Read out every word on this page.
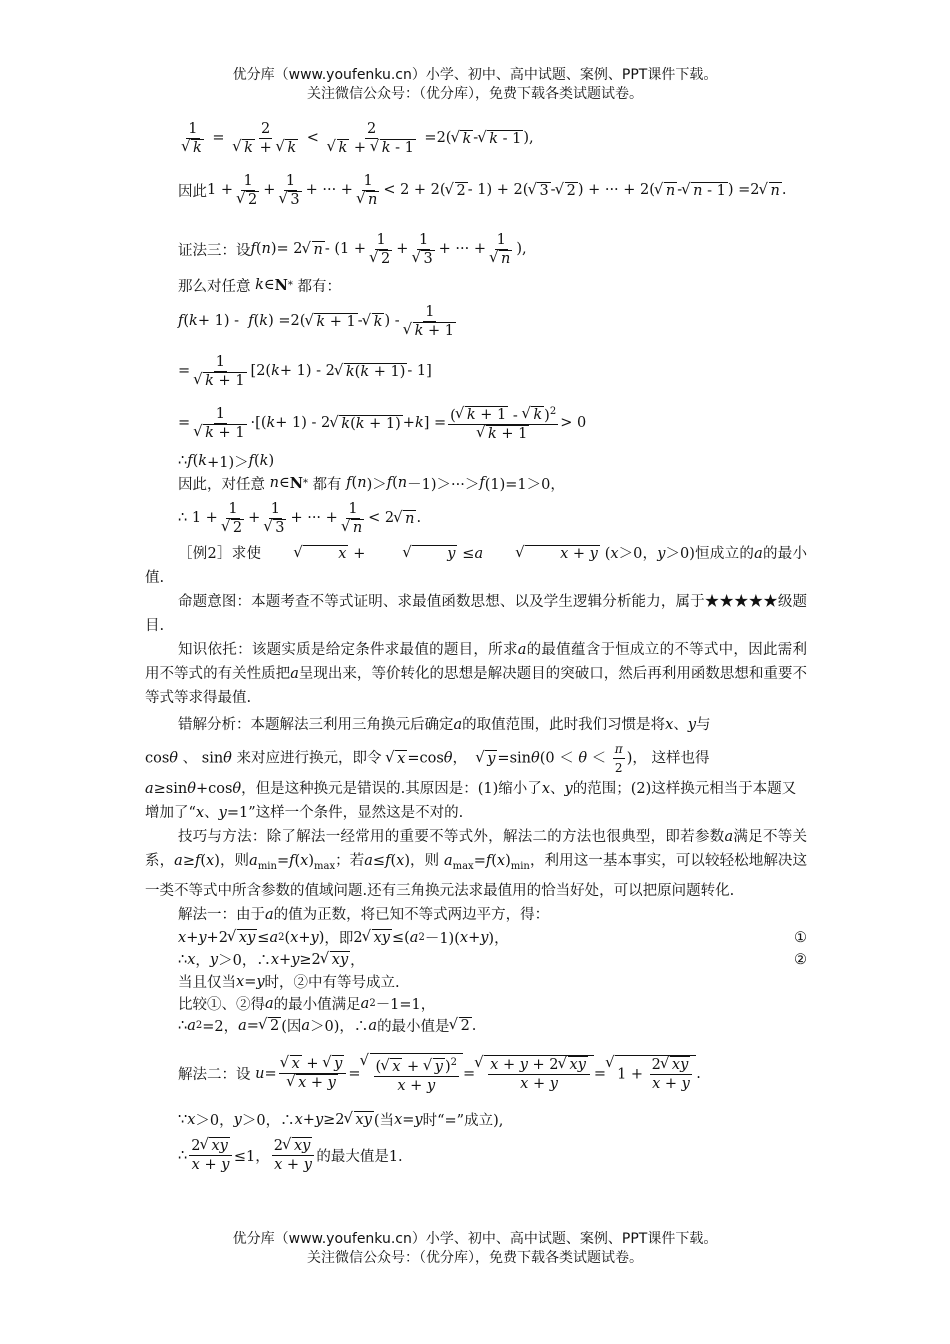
优分库（www.youfenku.cn）小学、初中、高中试题、案例、PPT课件下载。
关注微信公众号：（优分库），免费下载各类试题试卷。
1
√ k = 2
√ k + √ k < 2
√ k + √ k - 1 =2( √ k - √ k - 1 ),
因此 1 + 1
√ 2 + 1
√ 3 + ··· + 1
√ n < 2 + 2( √ 2 - 1) + 2( √ 3 - √ 2 ) + ··· + 2( √ n - √ n - 1 ) =2 √ n .
证法三：设 f ( n )= 2 √ n - (1 + 1
√ 2 + 1
√ 3 + ··· + 1
√ n ),
那么对任意
k ∈ N *
都有：
f ( k + 1) - f ( k ) =2( √ k + 1 - √ k ) - 1
√ k + 1
= 1
√ k + 1 [2( k + 1) - 2 √ k(k + 1) - 1]
= 1
√ k + 1 ·[( k + 1) - 2 √ k(k + 1) + k ] = ( √ k + 1 - √ k )$^2$
√ k + 1 > 0
∴ f ( k +1)＞ f ( k )
因此，对任意
n ∈ N *
都有
f ( n )＞ f ( n －1)＞···＞ f (1)=1＞0，
∴ 1 + 1
√ 2 + 1
√ 3 + ··· + 1
√ n < 2 √ n .

［例2］求使	√ x +	√ y ≤a	√ x + y (x＞0，y＞0)恒成立的a的最小值.

命题意图：本题考查不等式证明、求最值函数思想、以及学生逻辑分析能力，属于★★★★★级题目.

知识依托：该题实质是给定条件求最值的题目，所求a的最值蕴含于恒成立的不等式中，因此需利用不等式的有关性质把a呈现出来，等价转化的思想是解决题目的突破口，然后再利用函数思想和重要不等式等求得最值.

错解分析：本题解法三利用三角换元后确定a的取值范围，此时我们习惯是将x、y与

cosθ 、 sinθ 来对应进行换元，即令 √ x =cosθ，  √ $y =\sin\theta(0 < \theta < \frac{\pi}{2}$ )， 这样也得

a≥sinθ+cosθ，但是这种换元是错误的.其原因是：(1)缩小了x、y的范围；(2)这样换元相当于本题又增加了“x、y=1”这样一个条件，显然这是不对的.

技巧与方法：除了解法一经常用的重要不等式外，解法二的方法也很典型，即若参数a满足不等关系，a≥f(x)，则$a_{min}=f(x)_{max}$；若a≤f(x)，则 $a_{max}=f(x)_{min}$，利用这一基本事实，可以较轻松地解决这一类不等式中所含参数的值域问题.还有三角换元法求最值用的恰当好处，可以把原问题转化.

解法一：由于a的值为正数，将已知不等式两边平方，得：

x + y +2 √ xy ≤ a 2 ( x + y ) ，即 2 √ xy ≤( a 2 －1)( x + y )，	①
∴ x ， y ＞0，∴ x + y ≥2 √ xy ，	②
当且仅当 x = y 时，②中有等号成立.
比较①、②得 a 的最小值满足 a 2 －1=1，
∴ a 2 =2， a = √ 2 (因 a ＞0)，∴ a 的最小值是 √ 2 .
解法二：设
u = √ x + √ y
√ x + y = √ $\frac{( √ x + √ y )^2}{x + y}$ = √ $\frac{x + y + 2 √ xy}{x + y}$ = √ $1 + \frac{2 √ xy}{x + y}$ .
∵ x ＞0， y ＞0，∴ x + y ≥2 √ xy (当 x = y 时“=”成立),
∴ $\frac{2 √ xy}{x + y} \le 1$， $\frac{2 √ xy}{x + y}$ 的最大值是1.
优分库（www.youfenku.cn）小学、初中、高中试题、案例、PPT课件下载。
关注微信公众号：（优分库），免费下载各类试题试卷。
